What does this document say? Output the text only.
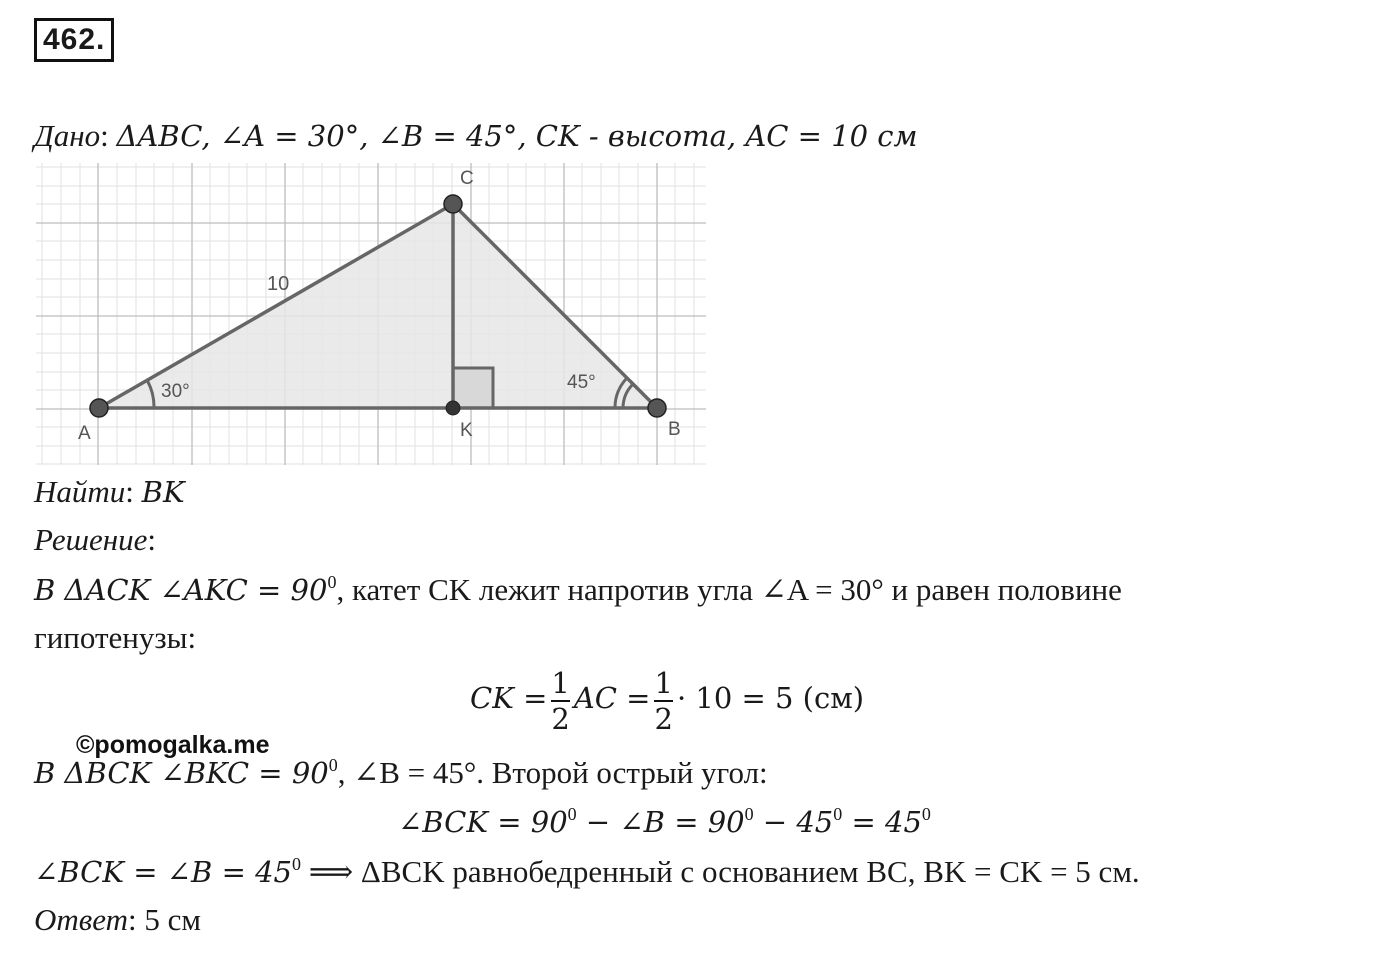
462.
Дано: ΔABC, ∠A = 30°, ∠B = 45°, CK - высота, AC = 10 см
10
30°	45°
A	B
C
K
Найти: BK
Решение:
В ΔACK ∠AKC = $90^0$, катет CK лежит напротив угла ∠A = 30° и равен половине
гипотенузы:
CK = $\frac{1}{2}$ AC = $\frac{1}{2} \cdot 10 = 5$ (см)
©pomogalka.me
В ΔBCK ∠BKC = $90^0$, ∠B = 45°. Второй острый угол:
∠BCK = $90^0$ − ∠B = $90^0 - 45^0 = 45^0$
∠BCK = ∠B = $45^0$ ⟹ ΔBCK равнобедренный с основанием BC, BK = CK = 5 см.
Ответ: 5 см
